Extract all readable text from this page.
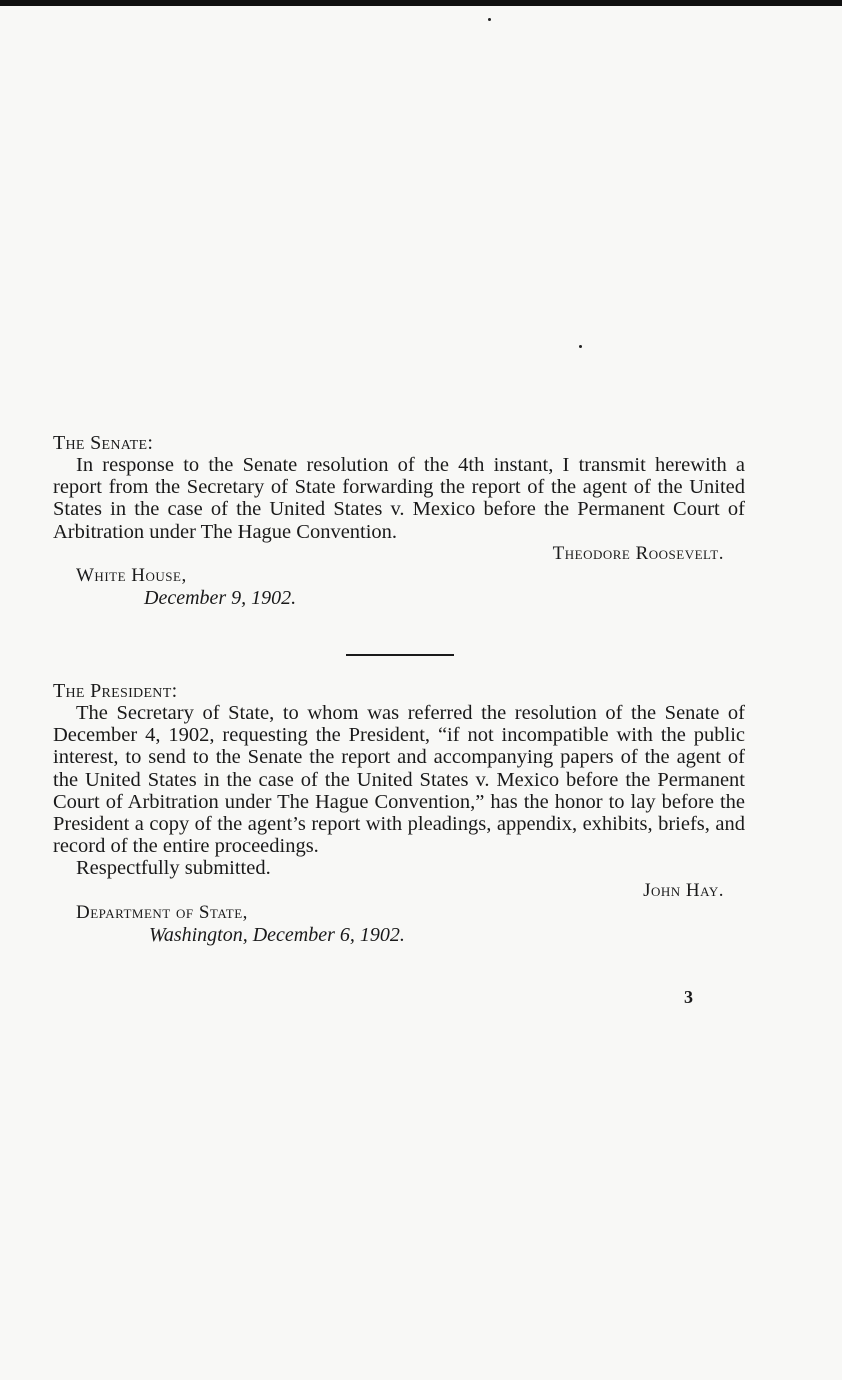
The Senate:

In response to the Senate resolution of the 4th instant, I transmit herewith a report from the Secretary of State forwarding the report of the agent of the United States in the case of the United States v. Mexico before the Permanent Court of Arbitration under The Hague Convention.

Theodore Roosevelt.

White House,

December 9, 1902.

The President:

The Secretary of State, to whom was referred the resolution of the Senate of December 4, 1902, requesting the President, “if not incompatible with the public interest, to send to the Senate the report and accompanying papers of the agent of the United States in the case of the United States v. Mexico before the Permanent Court of Arbitration under The Hague Convention,” has the honor to lay before the President a copy of the agent’s report with pleadings, appendix, exhibits, briefs, and record of the entire proceedings.

Respectfully submitted.

John Hay.

Department of State,

Washington, December 6, 1902.

3
